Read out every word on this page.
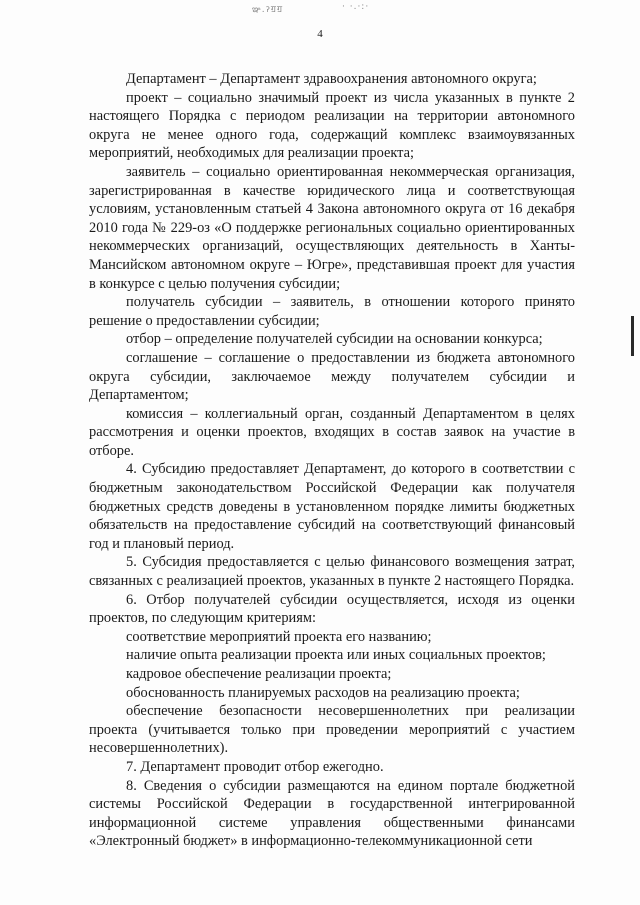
ఞ.ॽॻॻ	· ·.·:·
4

Департамент – Департамент здравоохранения автономного округа;

проект – социально значимый проект из числа указанных в пункте 2 настоящего Порядка с периодом реализации на территории автономного округа не менее одного года, содержащий комплекс взаимоувязанных мероприятий, необходимых для реализации проекта;

заявитель – социально ориентированная некоммерческая организация, зарегистрированная в качестве юридического лица и соответствующая условиям, установленным статьей 4 Закона автономного округа от 16 декабря 2010 года № 229-оз «О поддержке региональных социально ориентированных некоммерческих организаций, осуществляющих деятельность в Ханты-Мансийском автономном округе – Югре», представившая проект для участия в конкурсе с целью получения субсидии;

получатель субсидии – заявитель, в отношении которого принято решение о предоставлении субсидии;

отбор – определение получателей субсидии на основании конкурса;

соглашение – соглашение о предоставлении из бюджета автономного округа субсидии, заключаемое между получателем субсидии и Департаментом;

комиссия – коллегиальный орган, созданный Департаментом в целях рассмотрения и оценки проектов, входящих в состав заявок на участие в отборе.

4. Субсидию предоставляет Департамент, до которого в соответствии с бюджетным законодательством Российской Федерации как получателя бюджетных средств доведены в установленном порядке лимиты бюджетных обязательств на предоставление субсидий на соответствующий финансовый год и плановый период.

5. Субсидия предоставляется с целью финансового возмещения затрат, связанных с реализацией проектов, указанных в пункте 2 настоящего Порядка.

6. Отбор получателей субсидии осуществляется, исходя из оценки проектов, по следующим критериям:

соответствие мероприятий проекта его названию;

наличие опыта реализации проекта или иных социальных проектов;

кадровое обеспечение реализации проекта;

обоснованность планируемых расходов на реализацию проекта;

обеспечение безопасности несовершеннолетних при реализации проекта (учитывается только при проведении мероприятий с участием несовершеннолетних).

7. Департамент проводит отбор ежегодно.

8. Сведения о субсидии размещаются на едином портале бюджетной системы Российской Федерации в государственной интегрированной информационной системе управления общественными финансами «Электронный бюджет» в информационно-телекоммуникационной сети
